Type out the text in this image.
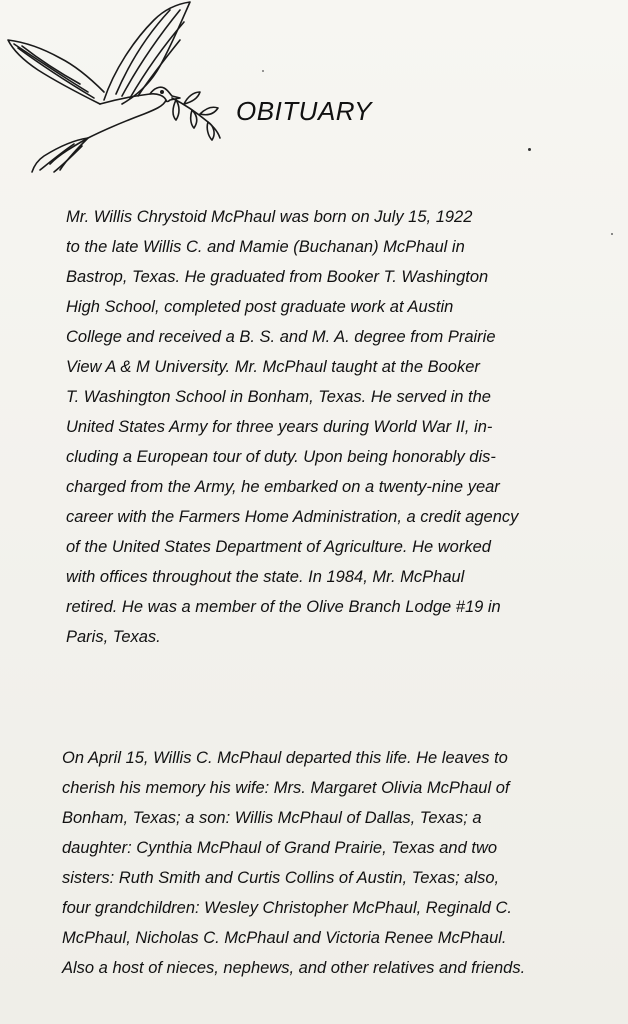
OBITUARY
Mr. Willis Chrystoid McPhaul was born on July 15, 1922
to the late Willis C. and Mamie (Buchanan) McPhaul in
Bastrop, Texas. He graduated from Booker T. Washington
High School, completed post graduate work at Austin
College and received a B. S. and M. A. degree from Prairie
View A & M University. Mr. McPhaul taught at the Booker
T. Washington School in Bonham, Texas. He served in the
United States Army for three years during World War II, in-
cluding a European tour of duty. Upon being honorably dis-
charged from the Army, he embarked on a twenty-nine year
career with the Farmers Home Administration, a credit agency
of the United States Department of Agriculture. He worked
with offices throughout the state. In 1984, Mr. McPhaul
retired. He was a member of the Olive Branch Lodge #19 in
Paris, Texas.
On April 15, Willis C. McPhaul departed this life. He leaves to
cherish his memory his wife: Mrs. Margaret Olivia McPhaul of
Bonham, Texas; a son: Willis McPhaul of Dallas, Texas; a
daughter: Cynthia McPhaul of Grand Prairie, Texas and two
sisters: Ruth Smith and Curtis Collins of Austin, Texas; also,
four grandchildren: Wesley Christopher McPhaul, Reginald C.
McPhaul, Nicholas C. McPhaul and Victoria Renee McPhaul.
Also a host of nieces, nephews, and other relatives and friends.
